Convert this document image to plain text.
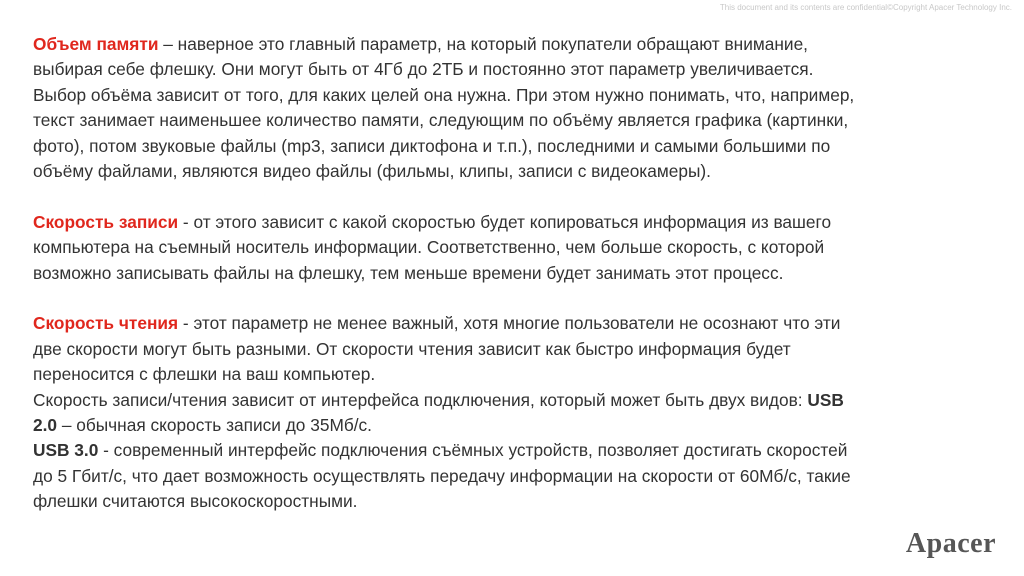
This document and its contents are confidential©Copyright Apacer Technology Inc.

Объем памяти – наверное это главный параметр, на который покупатели обращают внимание,

выбирая себе флешку. Они могут быть от 4Гб до 2ТБ и постоянно этот параметр увеличивается.

Выбор объёма зависит от того, для каких целей она нужна. При этом нужно понимать, что, например,

текст занимает наименьшее количество памяти, следующим по объёму является графика (картинки,

фото), потом звуковые файлы (mp3, записи диктофона и т.п.), последними и самыми большими по

объёму файлами, являются видео файлы (фильмы, клипы, записи с видеокамеры).

Скорость записи - от этого зависит с какой скоростью будет копироваться информация из вашего

компьютера на съемный носитель информации. Соответственно, чем больше скорость, с которой

возможно записывать файлы на флешку, тем меньше времени будет занимать этот процесс.

Скорость чтения - этот параметр не менее важный, хотя многие пользователи не осознают что эти

две скорости могут быть разными. От скорости чтения зависит как быстро информация будет

переносится с флешки на ваш компьютер.

Скорость записи/чтения зависит от интерфейса подключения, который может быть двух видов: USB

2.0 – обычная скорость записи до 35Мб/с.

USB 3.0 - современный интерфейс подключения съёмных устройств, позволяет достигать скоростей

до 5 Гбит/с, что дает возможность осуществлять передачу информации на скорости от 60Мб/с, такие

флешки считаются высокоскоростными.

Apacer
